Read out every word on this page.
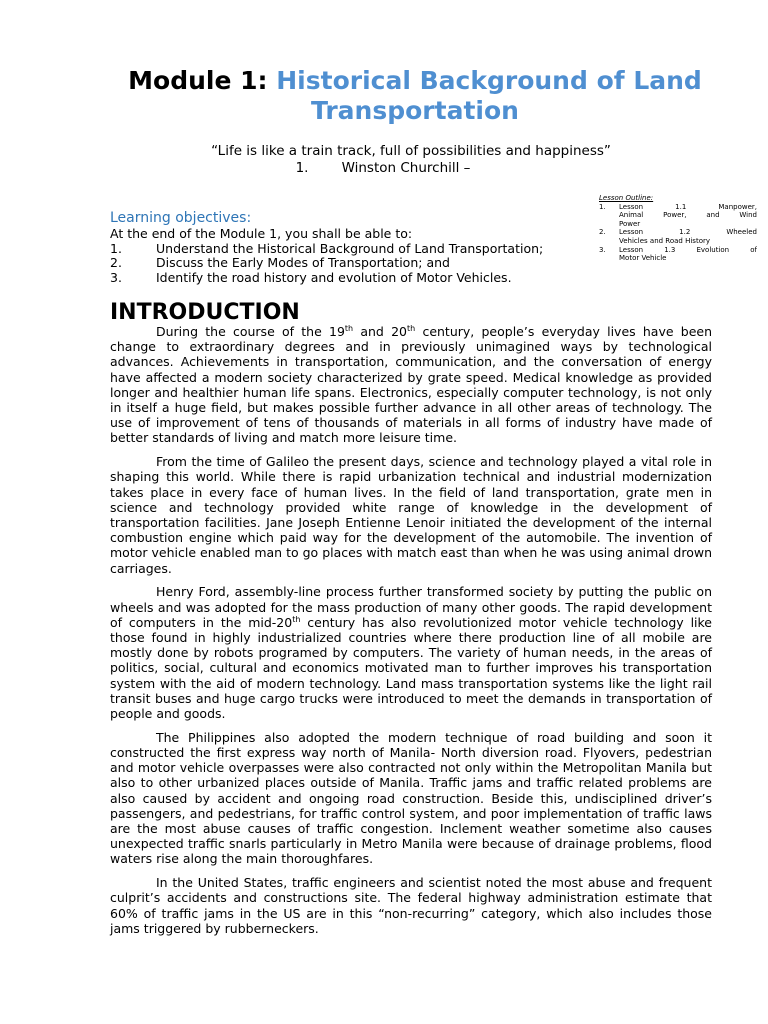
Module 1: Historical Background of Land Transportation
“Life is like a train track, full of possibilities and happiness”
1. Winston Churchill –
Lesson Outline:
1.	Lesson 1.1 Manpower,
Animal Power, and Wind
Power
2.	Lesson 1.2 Wheeled
Vehicles and Road History
3.	Lesson 1.3 Evolution of
Motor Vehicle
Learning objectives:
At the end of the Module 1, you shall be able to:
1.	Understand the Historical Background of Land Transportation;
2.	Discuss the Early Modes of Transportation; and
3.	Identify the road history and evolution of Motor Vehicles.
INTRODUCTION

During the course of the 19th and 20th century, people’s everyday lives have been change to extraordinary degrees and in previously unimagined ways by technological advances. Achievements in transportation, communication, and the conversation of energy have affected a modern society characterized by grate speed. Medical knowledge as provided longer and healthier human life spans. Electronics, especially computer technology, is not only in itself a huge field, but makes possible further advance in all other areas of technology. The use of improvement of tens of thousands of materials in all forms of industry have made of better standards of living and match more leisure time.

From the time of Galileo the present days, science and technology played a vital role in shaping this world. While there is rapid urbanization technical and industrial modernization takes place in every face of human lives. In the field of land transportation, grate men in science and technology provided white range of knowledge in the development of transportation facilities. Jane Joseph Entienne Lenoir initiated the development of the internal combustion engine which paid way for the development of the automobile. The invention of motor vehicle enabled man to go places with match east than when he was using animal drown carriages.

Henry Ford, assembly-line process further transformed society by putting the public on wheels and was adopted for the mass production of many other goods. The rapid development of computers in the mid-20th century has also revolutionized motor vehicle technology like those found in highly industrialized countries where there production line of all mobile are mostly done by robots programed by computers. The variety of human needs, in the areas of politics, social, cultural and economics motivated man to further improves his transportation system with the aid of modern technology. Land mass transportation systems like the light rail transit buses and huge cargo trucks were introduced to meet the demands in transportation of people and goods.

The Philippines also adopted the modern technique of road building and soon it constructed the first express way north of Manila- North diversion road. Flyovers, pedestrian and motor vehicle overpasses were also contracted not only within the Metropolitan Manila but also to other urbanized places outside of Manila. Traffic jams and traffic related problems are also caused by accident and ongoing road construction. Beside this, undisciplined driver’s passengers, and pedestrians, for traffic control system, and poor implementation of traffic laws are the most abuse causes of traffic congestion. Inclement weather sometime also causes unexpected traffic snarls particularly in Metro Manila were because of drainage problems, flood waters rise along the main thoroughfares.

In the United States, traffic engineers and scientist noted the most abuse and frequent culprit’s accidents and constructions site. The federal highway administration estimate that 60% of traffic jams in the US are in this “non-recurring” category, which also includes those jams triggered by rubberneckers.
